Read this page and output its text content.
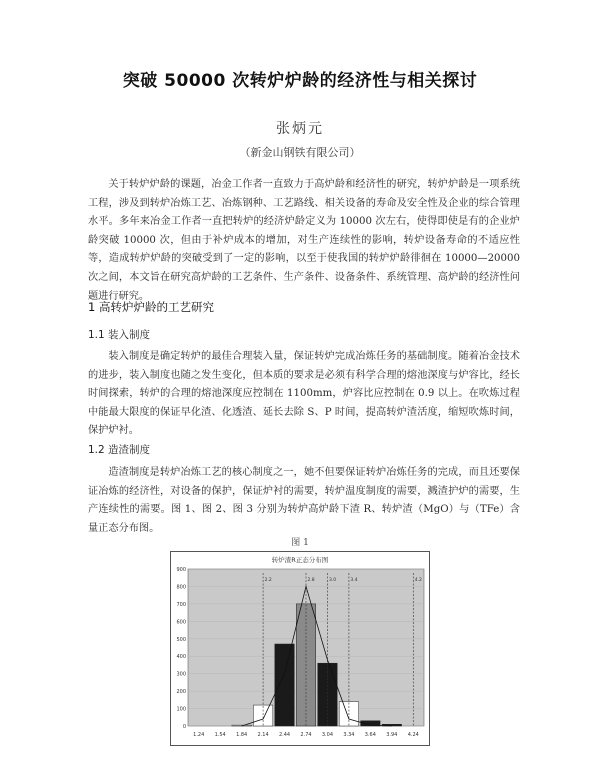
突破 50000 次转炉炉龄的经济性与相关探讨
张炳元
（新金山钢铁有限公司）
关于转炉炉龄的课题，冶金工作者一直致力于高炉龄和经济性的研究，转炉炉龄是一项系统工程，涉及到转炉冶炼工艺、冶炼钢种、工艺路线、相关设备的寿命及安全性及企业的综合管理水平。多年来冶金工作者一直把转炉的经济炉龄定义为 10000 次左右，使得即使是有的企业炉龄突破 10000 次，但由于补炉成本的增加，对生产连续性的影响，转炉设备寿命的不适应性等，造成转炉炉龄的突破受到了一定的影响，以至于使我国的转炉炉龄徘徊在 10000—20000 次之间，本文旨在研究高炉龄的工艺条件、生产条件、设备条件、系统管理、高炉龄的经济性问题进行研究。
1 高转炉炉龄的工艺研究
1.1 装入制度
装入制度是确定转炉的最佳合理装入量，保证转炉完成冶炼任务的基础制度。随着冶金技术的进步，装入制度也随之发生变化，但本质的要求是必须有科学合理的熔池深度与炉容比，经长时间探索，转炉的合理的熔池深度应控制在 1100mm，炉容比应控制在 0.9 以上。在吹炼过程中能最大限度的保证早化渣、化透渣、延长去除 S、P 时间，提高转炉渣活度，缩短吹炼时间，保护炉衬。
1.2 造渣制度
造渣制度是转炉冶炼工艺的核心制度之一，她不但要保证转炉冶炼任务的完成，而且还要保证冶炼的经济性，对设备的保护，保证炉衬的需要，转炉温度制度的需要，溅渣护炉的需要，生产连续性的需要。图 1、图 2、图 3 分别为转炉高炉龄下渣 R、转炉渣（MgO）与（TFe）含量正态分布图。
图 1
转炉渣R正态分布图
0
100
200
300
400
500
600
700
800
900
1.24 1.54 1.84 2.14 2.44 2.74 3.04 3.34 3.64 3.94 4.24
2.2	2.8	3.0	3.4	4.2
